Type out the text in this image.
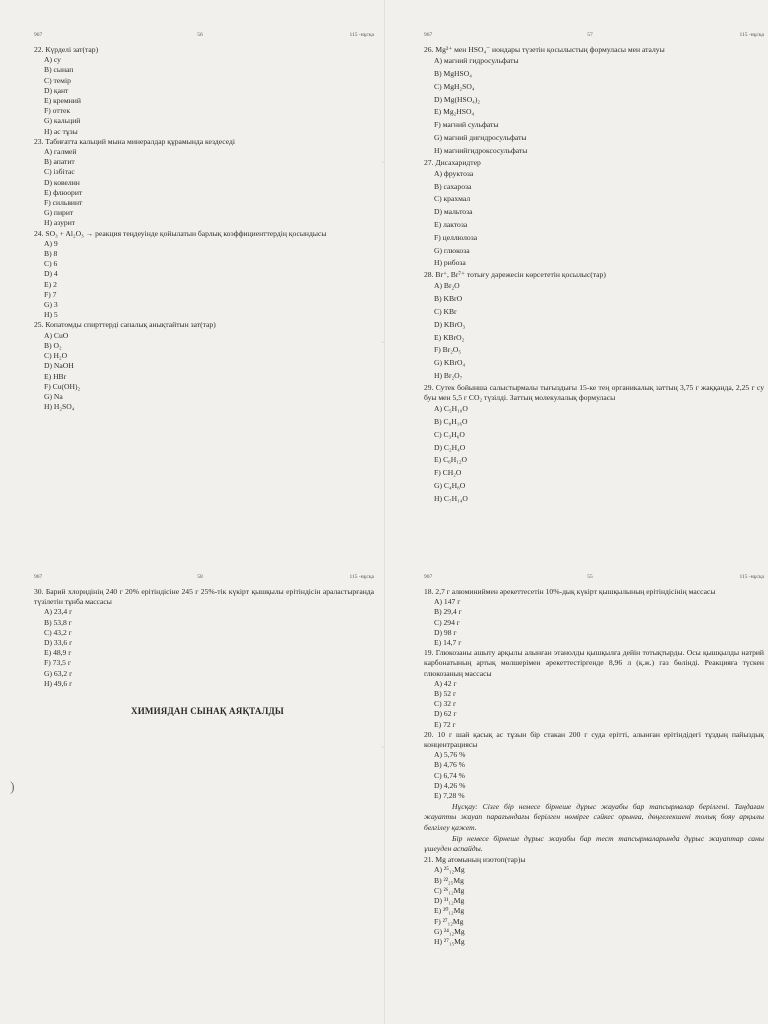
967	56	115 -нұсқа

22. Күрделі зат(тар)

A) су
B) сынап
C) темір
D) қант
E) кремний
F) оттек
G) кальций
H) ас тұзы

23. Табиғатта кальций мына минералдар құрамында кездеседі

A) галмей
B) апатит
C) ізбітас
D) ковелин
E) флюорит
F) сильвинт
G) пирит
H) азурит

24. SO₃ + Al₂O₃ → реакция теңдеуінде қойылатын барлық коэффициенттердің қосындысы

A) 9
B) 8
C) 6
D) 4
E) 2
F) 7
G) 3
H) 5

25. Копатомды спирттерді сапалық анықтайтын зат(тар)

A) CuO
B) O₂
C) H₂O
D) NaOH
E) HBr
F) Cu(OH)₂
G) Na
H) H₂SO₄
967	57	115 -нұсқа

26. Mg²⁺ мен HSO₄⁻ иондары түзетін қосылыстың формуласы мен аталуы

A) магний гидросульфаты
B) MgHSO₄
C) MgH₂SO₄
D) Mg(HSO₄)₂
E) Mg₂HSO₄
F) магний сульфаты
G) магний дигидросульфаты
H) магнийгидроксосульфаты

27. Дисахаридтер

A) фруктоза
B) сахароза
C) крахмал
D) мальтоза
E) лактоза
F) целлюлоза
G) глюкоза
H) рибоза

28. Br⁺, Br⁷⁺ тотығу дәрежесін көрсететін қосылыс(тар)

A) Br₂O
B) KBrO
C) KBr
D) KBrO₃
E) KBrO₂
F) Br₂O₅
G) KBrO₄
H) Br₂O₇

29. Сутек бойынша салыстырмалы тығыздығы 15-ке тең органикалық заттың 3,75 г жаққанда, 2,25 г су буы мен 5,5 г CO₂ түзілді. Заттың молекулалық формуласы

A) C₅H₁₀O
B) C₈H₁₆O
C) C₃H₆O
D) C₂H₄O
E) C₆H₁₂O
F) CH₂O
G) C₄H₈O
H) C₇H₁₄O
967	58	115 -нұсқа

30. Барий хлоридінің 240 г 20% ерітіндісіне 245 г 25%-тік күкірт қышқылы ерітіндісін араластырғанда түзілетін тұнба массасы

A) 23,4 г
B) 53,8 г
C) 43,2 г
D) 33,6 г
E) 48,9 г
F) 73,5 г
G) 63,2 г
H) 49,6 г
ХИМИЯДАН СЫНАҚ АЯҚТАЛДЫ
967	55	115 -нұсқа

18. 2,7 г алюминиймен әрекеттесетін 10%-дық күкірт қышқылының ерітіндісінің массасы

A) 147 г
B) 29,4 г
C) 294 г
D) 98 г
E) 14,7 г

19. Глюкозаны ашыту арқылы алынған этанолды қышқылға дейін тотықтырды. Осы қышқылды натрий карбонатының артық мөлшерімен әрекеттестіргенде 8,96 л (қ.ж.) газ бөлінді. Реакцияға түскен глюкозаның массасы

A) 42 г
B) 52 г
C) 32 г
D) 62 г
E) 72 г

20. 10 г шай қасық ас тұзын бір стакан 200 г суда ерітті, алынған ерітіндідегі тұздың пайыздық концентрациясы

A) 5,76 %
B) 4,76 %
C) 6,74 %
D) 4,26 %
E) 7,28 %

Нұсқау: Сізге бір немесе бірнеше дұрыс жауабы бар тапсырмалар берілгені. Таңдаған жауапты жауап парағындағы берілген нөмірге сәйкес орынға, дөңгелекшені толық бояу арқылы белгілеу қажет.

Бір немесе бірнеше дұрыс жауабы бар тест тапсырмаларында дұрыс жауаптар саны ұшеуден аспайды.

21. Mg атомының изотоп(тар)ы

A) ²⁵₁₂Mg
B) ²²₂₅Mg
C) ²⁶₁₂Mg
D) ³¹₁₂Mg
E) ²⁰₁₂Mg
F) ²⁷₁₂Mg
G) ²⁴₁₂Mg
H) ²⁷₁₅Mg
·
·
·
)
